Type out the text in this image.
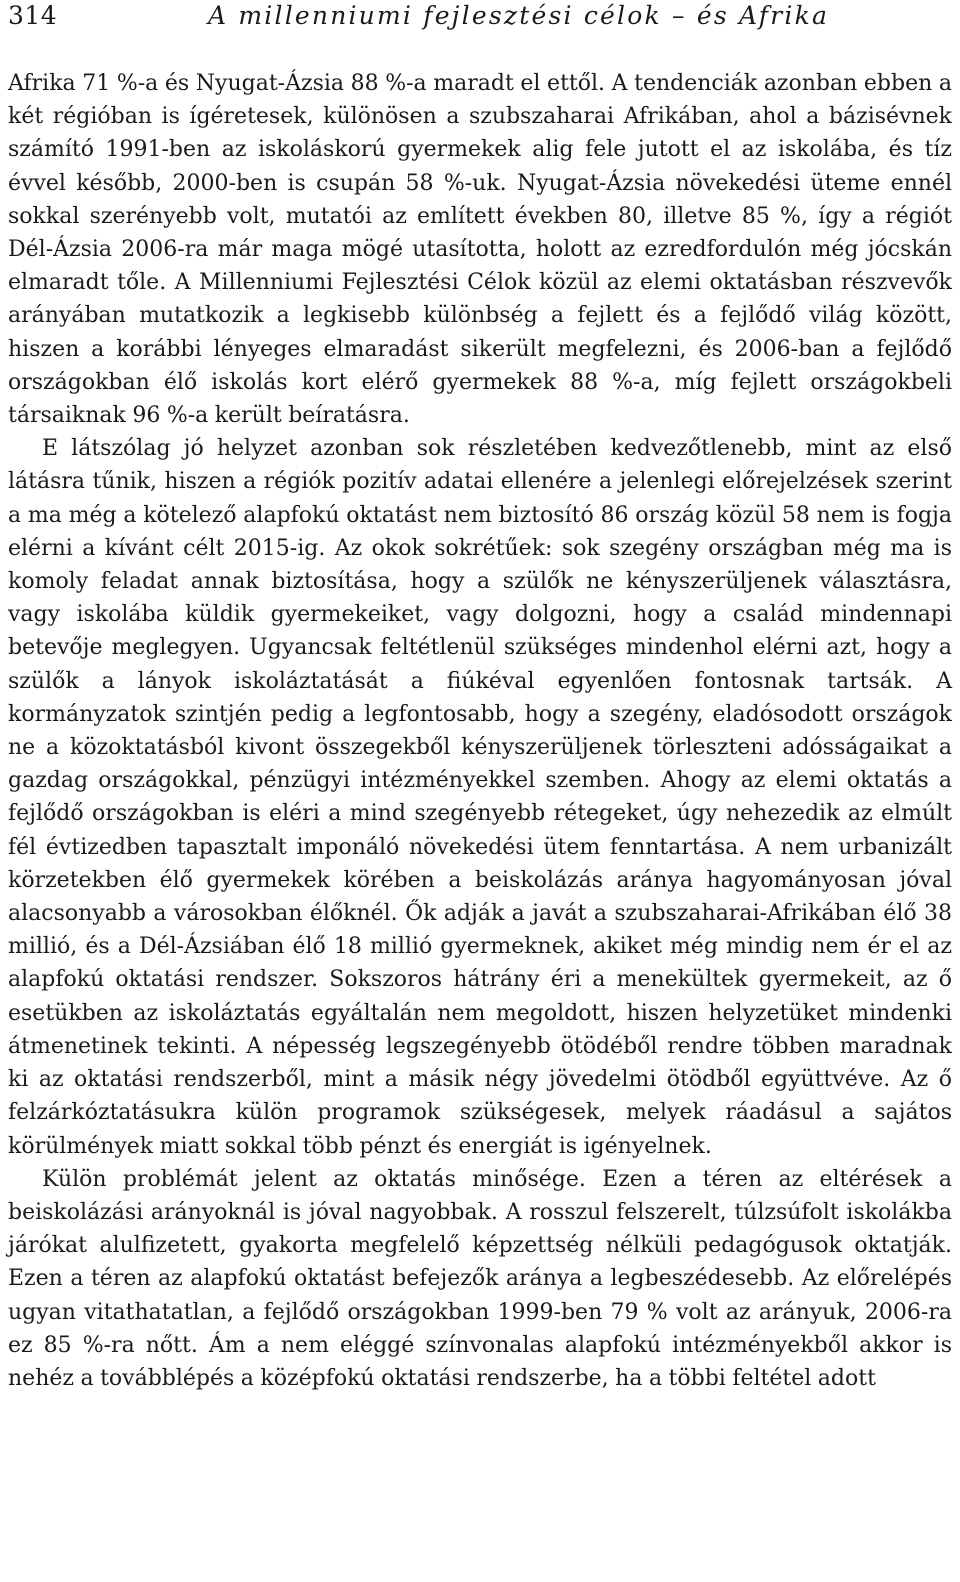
314	A millenniumi fejlesztési célok – és Afrika

Afrika 71 %-a és Nyugat-Ázsia 88 %-a maradt el ettől. A tendenciák azonban ebben a két régióban is ígéretesek, különösen a szubszaharai Afrikában, ahol a bázisévnek számító 1991-ben az iskoláskorú gyermekek alig fele jutott el az iskolába, és tíz évvel később, 2000-ben is csupán 58 %-uk. Nyugat-Ázsia növekedési üteme ennél sokkal szerényebb volt, mutatói az említett években 80, illetve 85 %, így a régiót Dél-Ázsia 2006-ra már maga mögé utasította, holott az ezredfordulón még jócskán elmaradt tőle. A Millenniumi Fejlesztési Célok közül az elemi oktatásban részvevők arányában mutatkozik a legkisebb különbség a fejlett és a fejlődő világ között, hiszen a korábbi lényeges elmaradást sikerült megfelezni, és 2006-ban a fejlődő országokban élő iskolás kort elérő gyermekek 88 %-a, míg fejlett országokbeli társaiknak 96 %-a került beíratásra.

E látszólag jó helyzet azonban sok részletében kedvezőtlenebb, mint az első látásra tűnik, hiszen a régiók pozitív adatai ellenére a jelenlegi előrejelzések szerint a ma még a kötelező alapfokú oktatást nem biztosító 86 ország közül 58 nem is fogja elérni a kívánt célt 2015-ig. Az okok sokrétűek: sok szegény országban még ma is komoly feladat annak biztosítása, hogy a szülők ne kényszerüljenek választásra, vagy iskolába küldik gyermekeiket, vagy dolgozni, hogy a család mindennapi betevője meglegyen. Ugyancsak feltétlenül szükséges mindenhol elérni azt, hogy a szülők a lányok iskoláztatását a fiúkéval egyenlően fontosnak tartsák. A kormányzatok szintjén pedig a legfontosabb, hogy a szegény, eladósodott országok ne a közoktatásból kivont összegekből kényszerüljenek törleszteni adósságaikat a gazdag országokkal, pénzügyi intézményekkel szemben. Ahogy az elemi oktatás a fejlődő országokban is eléri a mind szegényebb rétegeket, úgy nehezedik az elmúlt fél évtizedben tapasztalt imponáló növekedési ütem fenntartása. A nem urbanizált körzetekben élő gyermekek körében a beiskolázás aránya hagyományosan jóval alacsonyabb a városokban élőknél. Ők adják a javát a szubszaharai-Afrikában élő 38 millió, és a Dél-Ázsiában élő 18 millió gyermeknek, akiket még mindig nem ér el az alapfokú oktatási rendszer. Sokszoros hátrány éri a menekültek gyermekeit, az ő esetükben az iskoláztatás egyáltalán nem megoldott, hiszen helyzetüket mindenki átmenetinek tekinti. A népesség legszegényebb ötödéből rendre többen maradnak ki az oktatási rendszerből, mint a másik négy jövedelmi ötödből együttvéve. Az ő felzárkóztatásukra külön programok szükségesek, melyek ráadásul a sajátos körülmények miatt sokkal több pénzt és energiát is igényelnek.

Külön problémát jelent az oktatás minősége. Ezen a téren az eltérések a beiskolázási arányoknál is jóval nagyobbak. A rosszul felszerelt, túlzsúfolt iskolákba járókat alulfizetett, gyakorta megfelelő képzettség nélküli pedagógusok oktatják. Ezen a téren az alapfokú oktatást befejezők aránya a legbeszédesebb. Az előrelépés ugyan vitathatatlan, a fejlődő országokban 1999-ben 79 % volt az arányuk, 2006-ra ez 85 %-ra nőtt. Ám a nem eléggé színvonalas alapfokú intézményekből akkor is nehéz a továbblépés a középfokú oktatási rendszerbe, ha a többi feltétel adott
